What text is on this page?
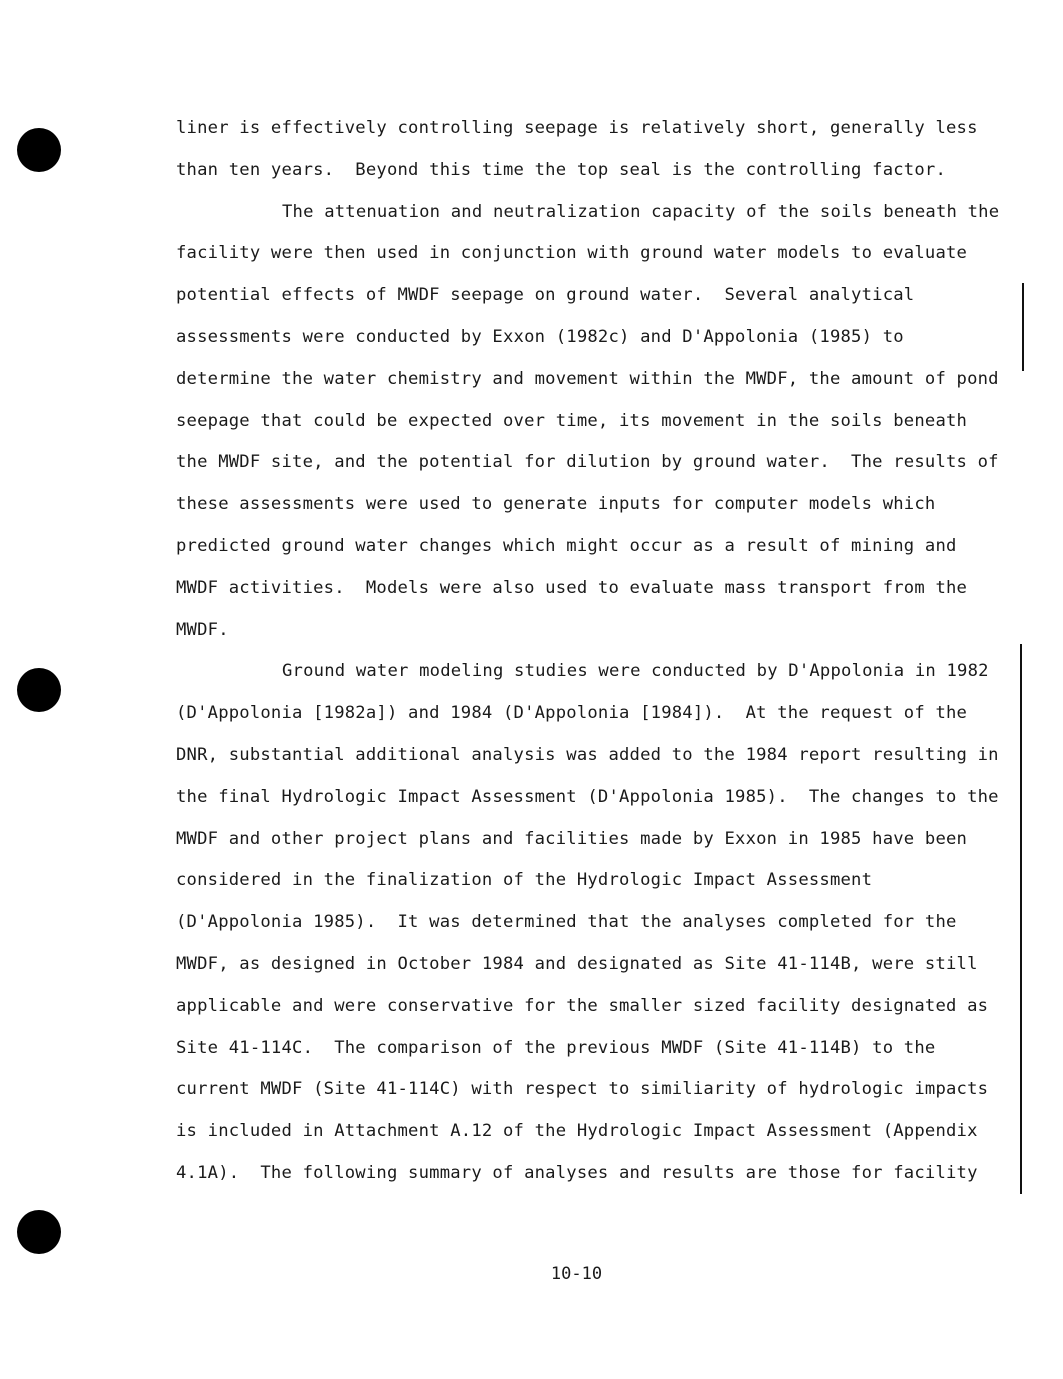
liner is effectively controlling seepage is relatively short, generally less
than ten years.  Beyond this time the top seal is the controlling factor.
The attenuation and neutralization capacity of the soils beneath the
facility were then used in conjunction with ground water models to evaluate
potential effects of MWDF seepage on ground water.  Several analytical
assessments were conducted by Exxon (1982c) and D'Appolonia (1985) to
determine the water chemistry and movement within the MWDF, the amount of pond
seepage that could be expected over time, its movement in the soils beneath
the MWDF site, and the potential for dilution by ground water.  The results of
these assessments were used to generate inputs for computer models which
predicted ground water changes which might occur as a result of mining and
MWDF activities.  Models were also used to evaluate mass transport from the
MWDF.
Ground water modeling studies were conducted by D'Appolonia in 1982
(D'Appolonia [1982a]) and 1984 (D'Appolonia [1984]).  At the request of the
DNR, substantial additional analysis was added to the 1984 report resulting in
the final Hydrologic Impact Assessment (D'Appolonia 1985).  The changes to the
MWDF and other project plans and facilities made by Exxon in 1985 have been
considered in the finalization of the Hydrologic Impact Assessment
(D'Appolonia 1985).  It was determined that the analyses completed for the
MWDF, as designed in October 1984 and designated as Site 41-114B, were still
applicable and were conservative for the smaller sized facility designated as
Site 41-114C.  The comparison of the previous MWDF (Site 41-114B) to the
current MWDF (Site 41-114C) with respect to similiarity of hydrologic impacts
is included in Attachment A.12 of the Hydrologic Impact Assessment (Appendix
4.1A).  The following summary of analyses and results are those for facility
10-10
